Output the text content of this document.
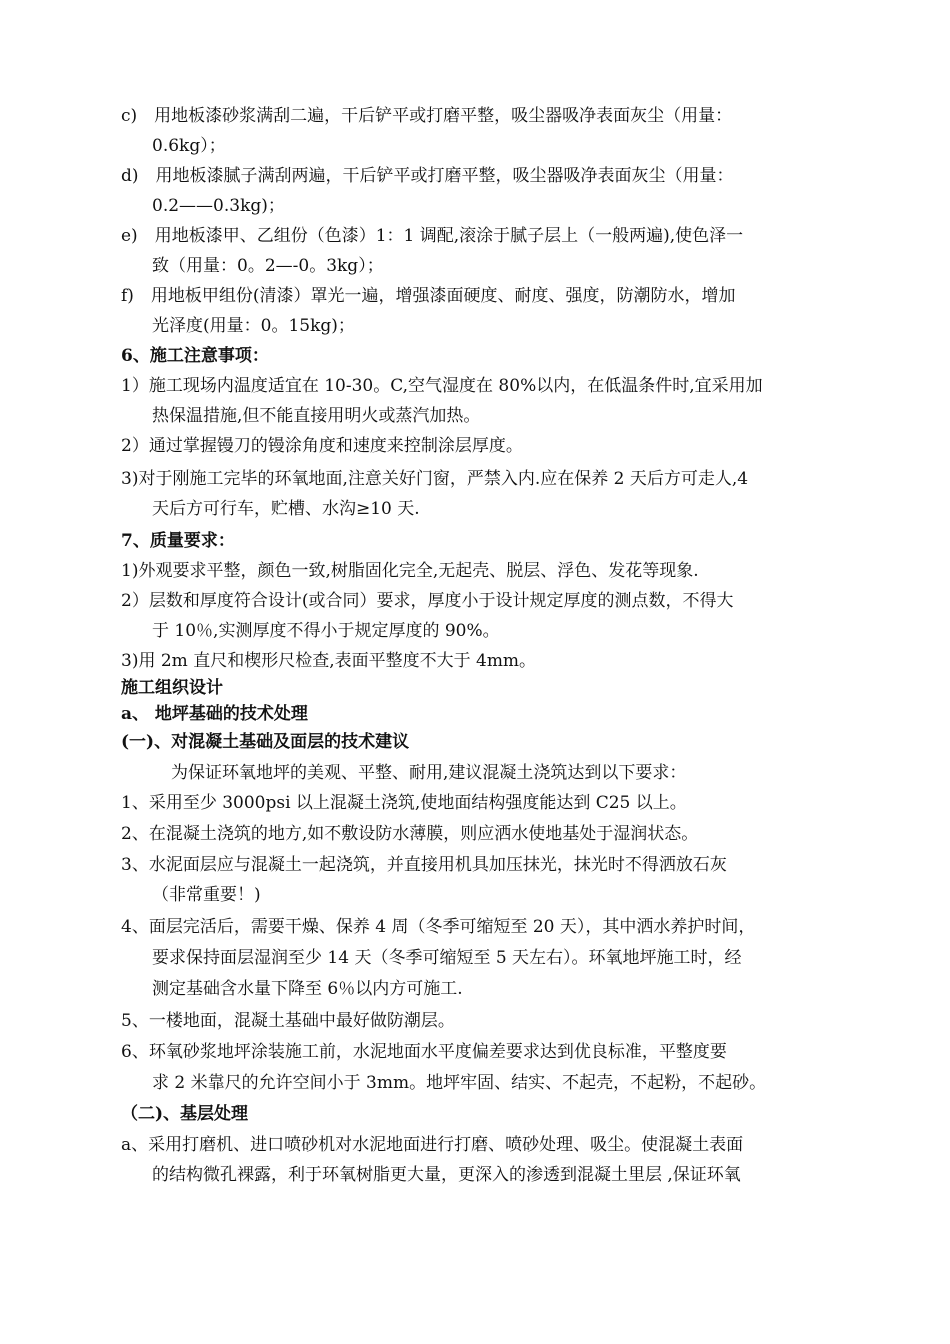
c)　用地板漆砂浆满刮二遍，干后铲平或打磨平整，吸尘器吸净表面灰尘（用量：
0.6kg）；
d)　用地板漆腻子满刮两遍，干后铲平或打磨平整，吸尘器吸净表面灰尘（用量：
0.2——0.3kg)；
e)　用地板漆甲、乙组份（色漆）1：1 调配,滚涂于腻子层上（一般两遍),使色泽一
致（用量：0。2—-0。3kg）；
f)　用地板甲组份(清漆）罩光一遍，增强漆面硬度、耐度、强度，防潮防水，增加
光泽度(用量：0。15kg)；
6、施工注意事项：
1）施工现场内温度适宜在 10-30。C,空气湿度在 80%以内，在低温条件时,宜采用加
热保温措施,但不能直接用明火或蒸汽加热。
2）通过掌握镘刀的镘涂角度和速度来控制涂层厚度。
3)对于刚施工完毕的环氧地面,注意关好门窗，严禁入内.应在保养 2 天后方可走人,4
天后方可行车，贮槽、水沟≥10 天.
7、质量要求：
1)外观要求平整，颜色一致,树脂固化完全,无起壳、脱层、浮色、发花等现象.
2）层数和厚度符合设计(或合同）要求，厚度小于设计规定厚度的测点数，不得大
于 10％,实测厚度不得小于规定厚度的 90%。
3)用 2m 直尺和楔形尺检查,表面平整度不大于 4mm。
施工组织设计
a、 地坪基础的技术处理
(一)、对混凝土基础及面层的技术建议
为保证环氧地坪的美观、平整、耐用,建议混凝土浇筑达到以下要求：
1、采用至少 3000psi 以上混凝土浇筑,使地面结构强度能达到 C25 以上。
2、在混凝土浇筑的地方,如不敷设防水薄膜，则应洒水使地基处于湿润状态。
3、水泥面层应与混凝土一起浇筑，并直接用机具加压抹光，抹光时不得洒放石灰
（非常重要！)
4、面层完活后，需要干燥、保养 4 周（冬季可缩短至 20 天），其中洒水养护时间，
要求保持面层湿润至少 14 天（冬季可缩短至 5 天左右）。环氧地坪施工时，经
测定基础含水量下降至 6％以内方可施工.
5、一楼地面，混凝土基础中最好做防潮层。
6、环氧砂浆地坪涂装施工前，水泥地面水平度偏差要求达到优良标准，平整度要
求 2 米靠尺的允许空间小于 3mm。地坪牢固、结实、不起壳，不起粉，不起砂。
（二)、基层处理
a、采用打磨机、进口喷砂机对水泥地面进行打磨、喷砂处理、吸尘。使混凝土表面
的结构微孔裸露，利于环氧树脂更大量，更深入的渗透到混凝土里层 ,保证环氧
